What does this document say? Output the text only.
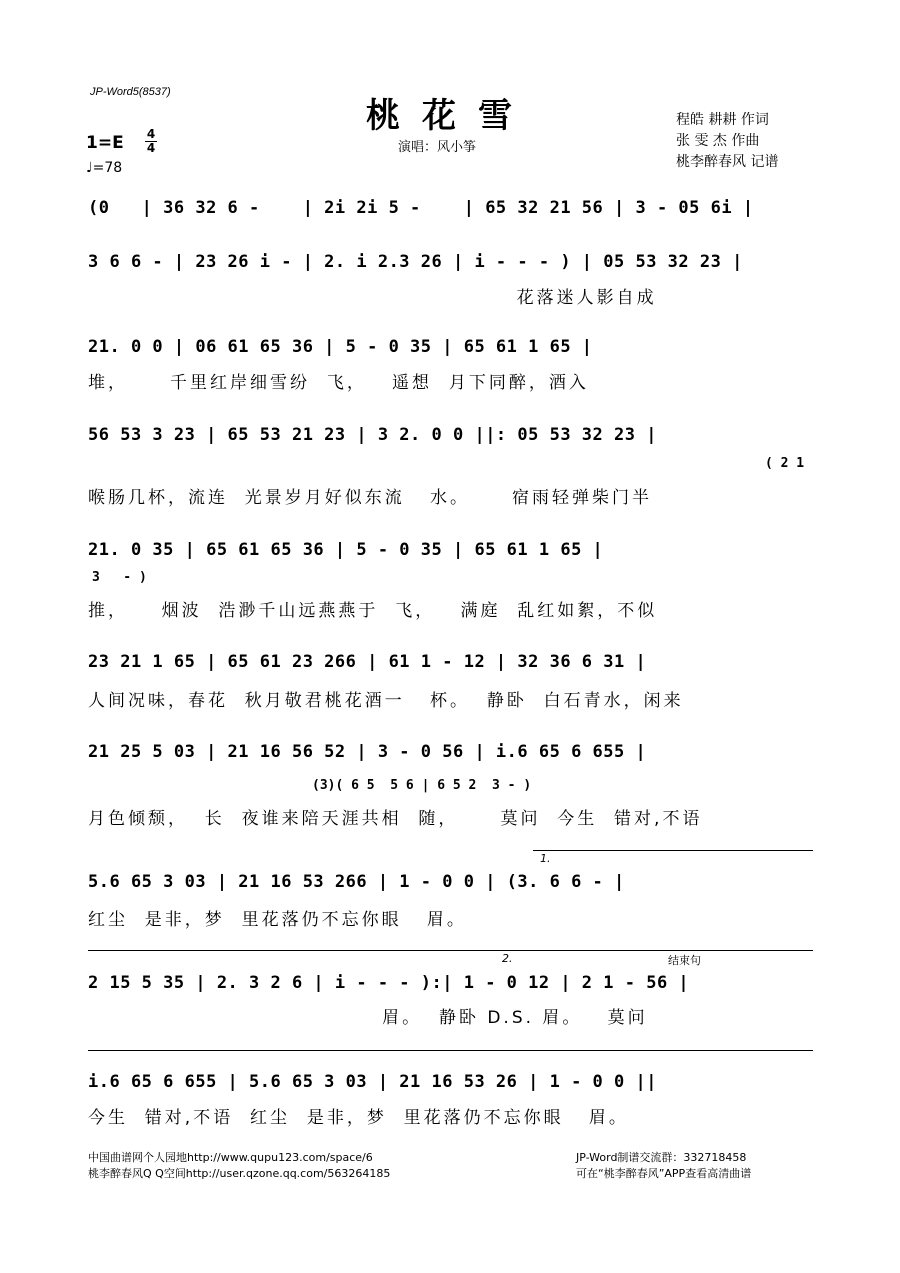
JP-Word5(8537)
桃花雪
演唱：风小筝
程皓 耕耕 作词
张 雯 杰 作曲
桃李醉春风 记谱
1=E 4
4
♩=78
(0   | 36 32 6 -    | 2i 2i 5 -    | 65 32 21 56 | 3 - 05 6i |
3 6 6 - | 23 26 i - | 2. i 2.3 26 | i - - - ) | 05 53 32 23 |
花落迷人影自成
21. 0 0 | 06 61 65 36 | 5 - 0 35 | 65 61 1 65 |
堆，     千里红岸细雪纷  飞，   遥想  月下同醉，酒入
56 53 3 23 | 65 53 21 23 | 3 2. 0 0 ||: 05 53 32 23 |
( 2 1
喉肠几杯，流连  光景岁月好似东流   水。     宿雨轻弹柴门半
21. 0 35 | 65 61 65 36 | 5 - 0 35 | 65 61 1 65 |
3   - )
推，    烟波  浩渺千山远燕燕于  飞，   满庭  乱红如絮，不似
23 21 1 65 | 65 61 23 266 | 61 1 - 12 | 32 36 6 31 |
人间况味，春花  秋月敬君桃花酒一   杯。  静卧  白石青水，闲来
21 25 5 03 | 21 16 56 52 | 3 - 0 56 | i.6 65 6 655 |
(3)( 6 5  5 6 | 6 5 2  3 - )
月色倾颓，  长  夜谁来陪天涯共相  随，     莫问  今生  错对,不语
1.
5.6 65 3 03 | 21 16 53 266 | 1 - 0 0 | (3. 6 6 - |
红尘  是非，梦  里花落仍不忘你眼   眉。
2.	结束句
2 15 5 35 | 2. 3 2 6 | i - - - ):| 1 - 0 12 | 2 1 - 56 |
眉。  静卧 D.S. 眉。   莫问
i.6 65 6 655 | 5.6 65 3 03 | 21 16 53 26 | 1 - 0 0 ||
今生  错对,不语  红尘  是非，梦  里花落仍不忘你眼   眉。
中国曲谱网个人园地http://www.qupu123.com/space/6
桃李醉春风Q Q空间http://user.qzone.qq.com/563264185
JP-Word制谱交流群：332718458
可在“桃李醉春风”APP查看高清曲谱
